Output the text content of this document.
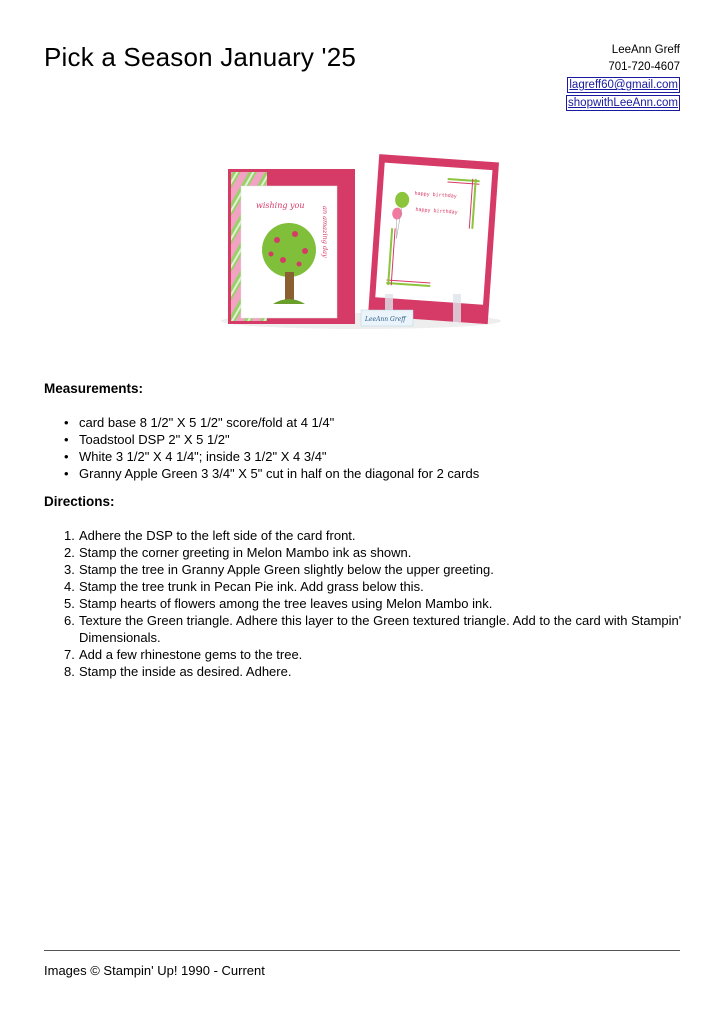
Pick a Season January '25	LeeAnn Greff
701-720-4607
lagreff60@gmail.com
shopwithLeeAnn.com
wishing you
an amazing day
happy birthday
happy birthday
LeeAnn Greff
Measurements:
• card base 8 1/2" X 5 1/2" score/fold at 4 1/4"
• Toadstool DSP 2" X 5 1/2"
• White 3 1/2" X 4 1/4"; inside 3 1/2" X 4 3/4"
• Granny Apple Green 3 3/4" X 5" cut in half on the diagonal for 2 cards
Directions:
1. Adhere the DSP to the left side of the card front.
2. Stamp the corner greeting in Melon Mambo ink as shown.
3. Stamp the tree in Granny Apple Green slightly below the upper greeting.
4. Stamp the tree trunk in Pecan Pie ink. Add grass below this.
5. Stamp hearts of flowers among the tree leaves using Melon Mambo ink.
6. Texture the Green triangle. Adhere this layer to the Green textured triangle. Add to the card with Stampin' Dimensionals.
7. Add a few rhinestone gems to the tree.
8. Stamp the inside as desired. Adhere.
Images © Stampin' Up! 1990 - Current
